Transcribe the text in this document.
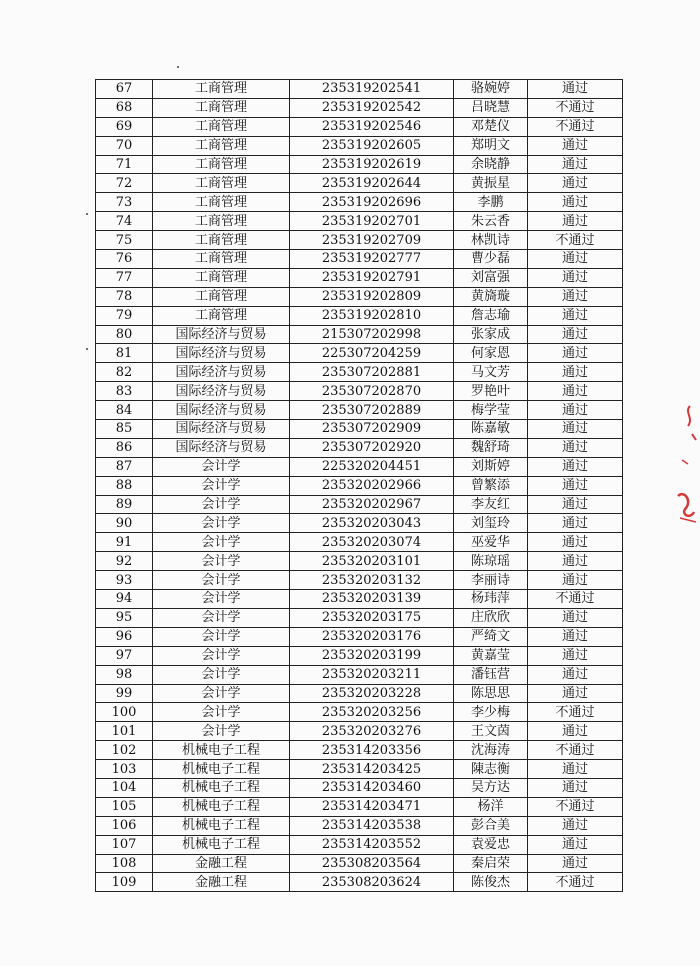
67	工商管理	235319202541	骆婉婷	通过
68	工商管理	235319202542	吕晓慧	不通过
69	工商管理	235319202546	邓楚仪	不通过
70	工商管理	235319202605	郑明文	通过
71	工商管理	235319202619	余晓静	通过
72	工商管理	235319202644	黄振星	通过
73	工商管理	235319202696	李鹏	通过
74	工商管理	235319202701	朱云香	通过
75	工商管理	235319202709	林凯诗	不通过
76	工商管理	235319202777	曹少磊	通过
77	工商管理	235319202791	刘富强	通过
78	工商管理	235319202809	黄旖璇	通过
79	工商管理	235319202810	詹志瑜	通过
80	国际经济与贸易	215307202998	张家成	通过
81	国际经济与贸易	225307204259	何家恩	通过
82	国际经济与贸易	235307202881	马文芳	通过
83	国际经济与贸易	235307202870	罗艳叶	通过
84	国际经济与贸易	235307202889	梅学莹	通过
85	国际经济与贸易	235307202909	陈嘉敏	通过
86	国际经济与贸易	235307202920	魏舒琦	通过
87	会计学	225320204451	刘斯婷	通过
88	会计学	235320202966	曾繁添	通过
89	会计学	235320202967	李友红	通过
90	会计学	235320203043	刘玺玲	通过
91	会计学	235320203074	巫爱华	通过
92	会计学	235320203101	陈琼瑶	通过
93	会计学	235320203132	李丽诗	通过
94	会计学	235320203139	杨玮萍	不通过
95	会计学	235320203175	庄欣欣	通过
96	会计学	235320203176	严绮文	通过
97	会计学	235320203199	黄嘉莹	通过
98	会计学	235320203211	潘钰营	通过
99	会计学	235320203228	陈思思	通过
100	会计学	235320203256	李少梅	不通过
101	会计学	235320203276	王文茵	通过
102	机械电子工程	235314203356	沈海涛	不通过
103	机械电子工程	235314203425	陳志衡	通过
104	机械电子工程	235314203460	吴方达	通过
105	机械电子工程	235314203471	杨洋	不通过
106	机械电子工程	235314203538	彭合美	通过
107	机械电子工程	235314203552	袁爱忠	通过
108	金融工程	235308203564	秦启荣	通过
109	金融工程	235308203624	陈俊杰	不通过
